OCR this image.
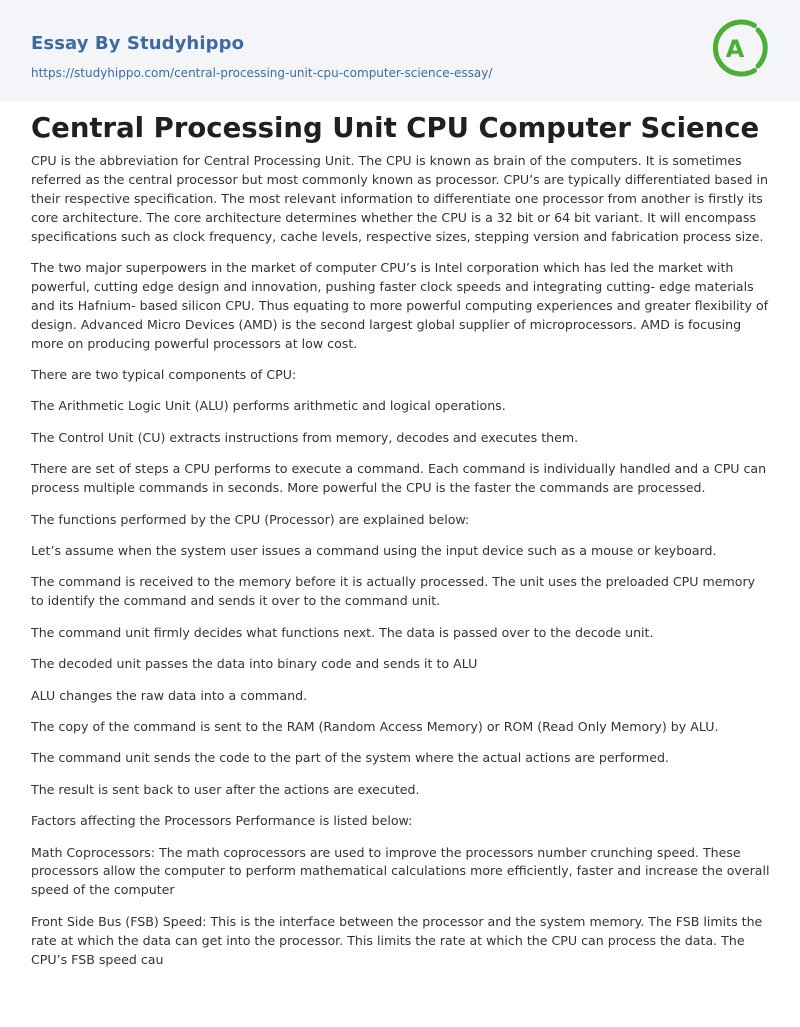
Essay By Studyhippo
https://studyhippo.com/central-processing-unit-cpu-computer-science-essay/
A
Central Processing Unit CPU Computer Science

CPU is the abbreviation for Central Processing Unit. The CPU is known as brain of the computers. It is sometimes referred as the central processor but most commonly known as processor. CPU’s are typically differentiated based in their respective specification. The most relevant information to differentiate one processor from another is firstly its core architecture. The core architecture determines whether the CPU is a 32 bit or 64 bit variant. It will encompass specifications such as clock frequency, cache levels, respective sizes, stepping version and fabrication process size.

The two major superpowers in the market of computer CPU’s is Intel corporation which has led the market with powerful, cutting edge design and innovation, pushing faster clock speeds and integrating cutting- edge materials and its Hafnium- based silicon CPU. Thus equating to more powerful computing experiences and greater flexibility of design. Advanced Micro Devices (AMD) is the second largest global supplier of microprocessors. AMD is focusing more on producing powerful processors at low cost.

There are two typical components of CPU:

The Arithmetic Logic Unit (ALU) performs arithmetic and logical operations.

The Control Unit (CU) extracts instructions from memory, decodes and executes them.

There are set of steps a CPU performs to execute a command. Each command is individually handled and a CPU can process multiple commands in seconds. More powerful the CPU is the faster the commands are processed.

The functions performed by the CPU (Processor) are explained below:

Let’s assume when the system user issues a command using the input device such as a mouse or keyboard.

The command is received to the memory before it is actually processed. The unit uses the preloaded CPU memory to identify the command and sends it over to the command unit.

The command unit firmly decides what functions next. The data is passed over to the decode unit.

The decoded unit passes the data into binary code and sends it to ALU

ALU changes the raw data into a command.

The copy of the command is sent to the RAM (Random Access Memory) or ROM (Read Only Memory) by ALU.

The command unit sends the code to the part of the system where the actual actions are performed.

The result is sent back to user after the actions are executed.

Factors affecting the Processors Performance is listed below:

Math Coprocessors: The math coprocessors are used to improve the processors number crunching speed. These processors allow the computer to perform mathematical calculations more efficiently, faster and increase the overall speed of the computer

Front Side Bus (FSB) Speed: This is the interface between the processor and the system memory. The FSB limits the rate at which the data can get into the processor. This limits the rate at which the CPU can process the data. The CPU’s FSB speed cau
